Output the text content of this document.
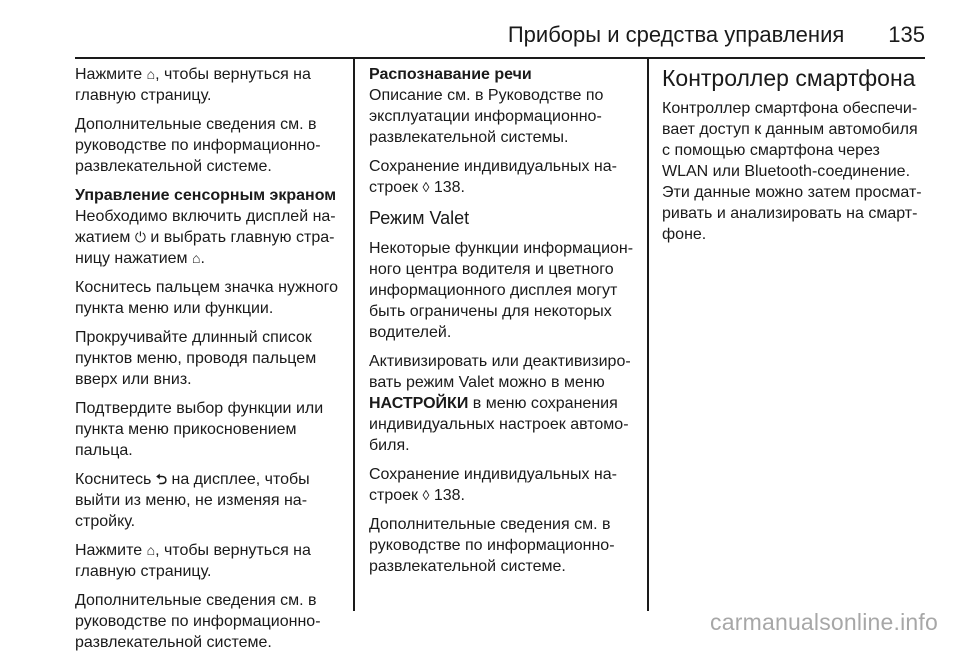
Приборы и средства управления 135

Нажмите ⌂, чтобы вернуться на главную страницу.

Дополнительные сведения см. в руководстве по информационно-развлекательной системе.

Управление сенсорным экраном
Необходимо включить дисплей на-жатием ⏻ и выбрать главную стра-ницу нажатием ⌂.

Коснитесь пальцем значка нужного пункта меню или функции.

Прокручивайте длинный список пунктов меню, проводя пальцем вверх или вниз.

Подтвердите выбор функции или пункта меню прикосновением пальца.

Коснитесь ⮌ на дисплее, чтобы выйти из меню, не изменяя на-стройку.

Нажмите ⌂, чтобы вернуться на главную страницу.

Дополнительные сведения см. в руководстве по информационно-развлекательной системе.

Распознавание речи
Описание см. в Руководстве по эксплуатации информационно-развлекательной системы.

Сохранение индивидуальных на-строек ◊ 138.

Режим Valet

Некоторые функции информацион-ного центра водителя и цветного информационного дисплея могут быть ограничены для некоторых водителей.

Активизировать или деактивизиро-вать режим Valet можно в меню НАСТРОЙКИ в меню сохранения индивидуальных настроек автомо-биля.

Сохранение индивидуальных на-строек ◊ 138.

Дополнительные сведения см. в руководстве по информационно-развлекательной системе.

Контроллер смартфона

Контроллер смартфона обеспечи-вает доступ к данным автомобиля с помощью смартфона через WLAN или Bluetooth-соединение. Эти данные можно затем просмат-ривать и анализировать на смарт-фоне.

carmanualsonline.info
